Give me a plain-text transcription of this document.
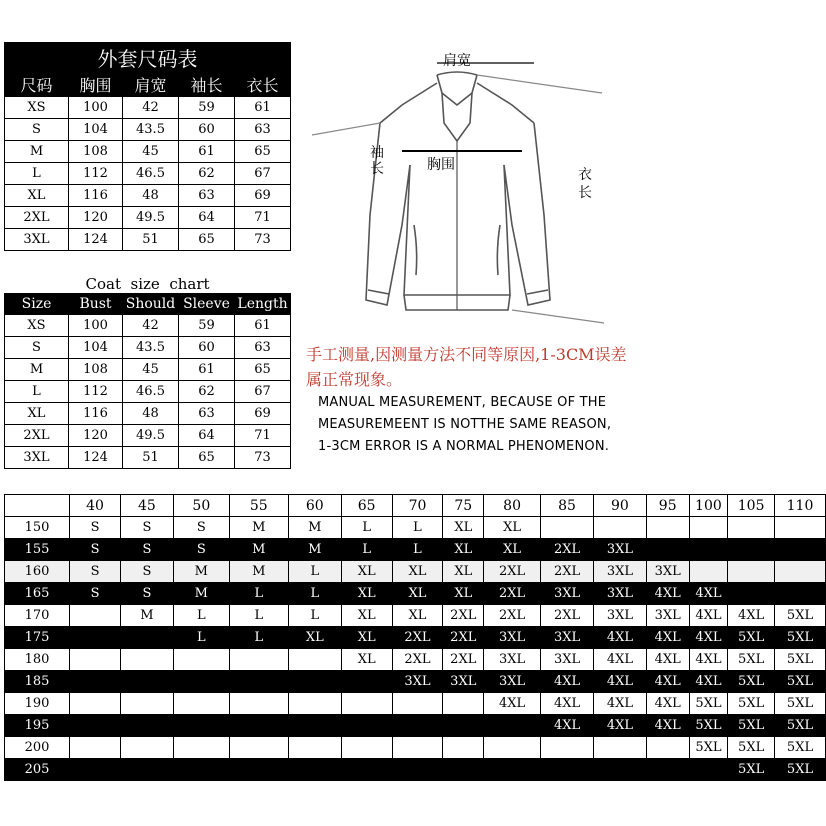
外套尺码表				
尺码	胸围	肩宽	袖长	衣长
XS	100	42	59	61
S	104	43.5	60	63
M	108	45	61	65
L	112	46.5	62	67
XL	116	48	63	69
2XL	120	49.5	64	71
3XL	124	51	65	73
Coat  size  chart				
Size	Bust	Should	Sleeve	Length
XS	100	42	59	61
S	104	43.5	60	63
M	108	45	61	65
L	112	46.5	62	67
XL	116	48	63	69
2XL	120	49.5	64	71
3XL	124	51	65	73
肩宽
袖
长	胸围
衣
长
手工测量,因测量方法不同等原因,1-3CM误差属正常现象。
MANUAL MEASUREMENT, BECAUSE OF THE MEASUREMEENT IS NOTTHE SAME REASON, 1-3CM ERROR IS A NORMAL PHENOMENON.
KG
Height	40	45	50	55	60	65	70	75	80	85	90	95	100	105	110
150	S	S	S	M	M	L	L	XL	XL						
155	S	S	S	M	M	L	L	XL	XL	2XL	3XL				
160	S	S	M	M	L	XL	XL	XL	2XL	2XL	3XL	3XL			
165	S	S	M	L	L	XL	XL	XL	2XL	3XL	3XL	4XL	4XL		
170		M	L	L	L	XL	XL	2XL	2XL	2XL	3XL	3XL	4XL	4XL	5XL
175			L	L	XL	XL	2XL	2XL	3XL	3XL	4XL	4XL	4XL	5XL	5XL
180						XL	2XL	2XL	3XL	3XL	4XL	4XL	4XL	5XL	5XL
185							3XL	3XL	3XL	4XL	4XL	4XL	4XL	5XL	5XL
190									4XL	4XL	4XL	4XL	5XL	5XL	5XL
195										4XL	4XL	4XL	5XL	5XL	5XL
200													5XL	5XL	5XL
205														5XL	5XL
